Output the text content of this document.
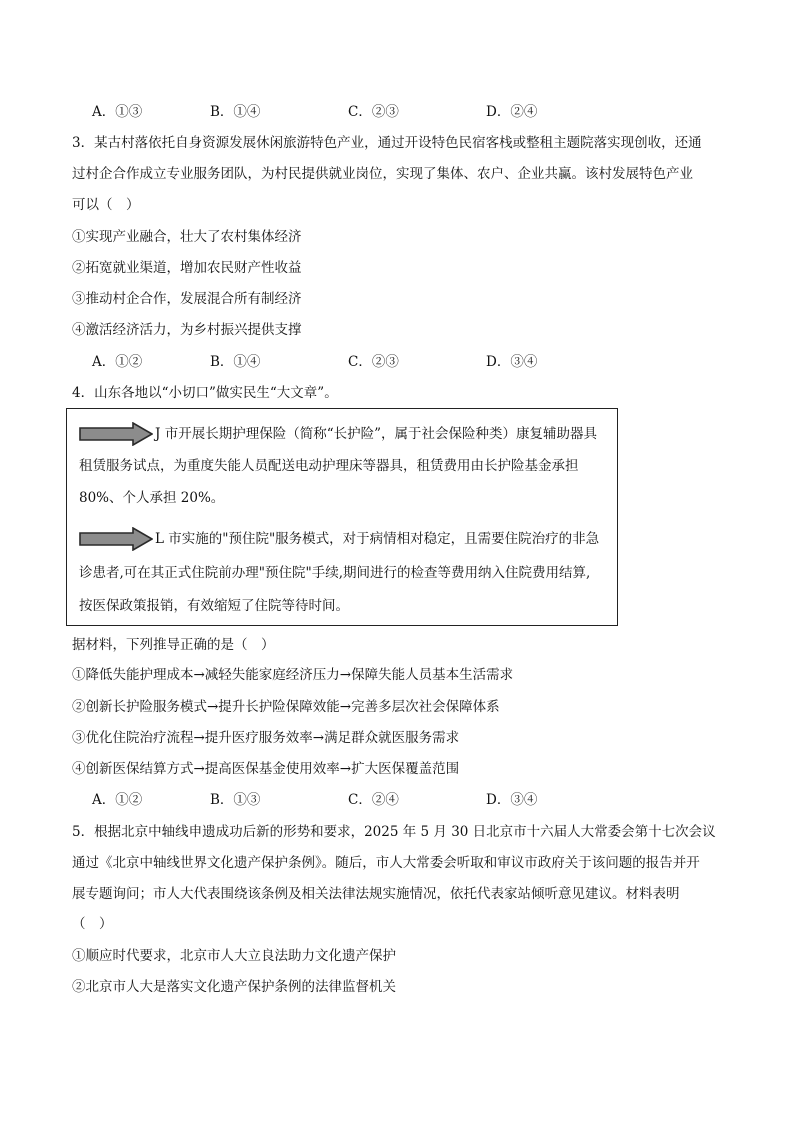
A．①③	B．①④	C．②③	D．②④
3．某古村落依托自身资源发展休闲旅游特色产业，通过开设特色民宿客栈或整租主题院落实现创收，还通
过村企合作成立专业服务团队，为村民提供就业岗位，实现了集体、农户、企业共赢。该村发展特色产业
可以（　）
①实现产业融合，壮大了农村集体经济
②拓宽就业渠道，增加农民财产性收益
③推动村企合作，发展混合所有制经济
④激活经济活力，为乡村振兴提供支撑
A．①②	B．①④	C．②③	D．③④
4．山东各地以“小切口”做实民生“大文章”。
J 市开展长期护理保险（简称“长护险”，属于社会保险种类）康复辅助器具
租赁服务试点，为重度失能人员配送电动护理床等器具，租赁费用由长护险基金承担
80%、个人承担 20%。
L 市实施的"预住院"服务模式，对于病情相对稳定，且需要住院治疗的非急
诊患者,可在其正式住院前办理"预住院"手续,期间进行的检查等费用纳入住院费用结算,
按医保政策报销，有效缩短了住院等待时间。
据材料，下列推导正确的是（　）
①降低失能护理成本→减轻失能家庭经济压力→保障失能人员基本生活需求
②创新长护险服务模式→提升长护险保障效能→完善多层次社会保障体系
③优化住院治疗流程→提升医疗服务效率→满足群众就医服务需求
④创新医保结算方式→提高医保基金使用效率→扩大医保覆盖范围
A．①②	B．①③	C．②④	D．③④
5．根据北京中轴线申遗成功后新的形势和要求，2025 年 5 月 30 日北京市十六届人大常委会第十七次会议
通过《北京中轴线世界文化遗产保护条例》。随后，市人大常委会听取和审议市政府关于该问题的报告并开
展专题询问；市人大代表围绕该条例及相关法律法规实施情况，依托代表家站倾听意见建议。材料表明
（　）
①顺应时代要求，北京市人大立良法助力文化遗产保护
②北京市人大是落实文化遗产保护条例的法律监督机关
